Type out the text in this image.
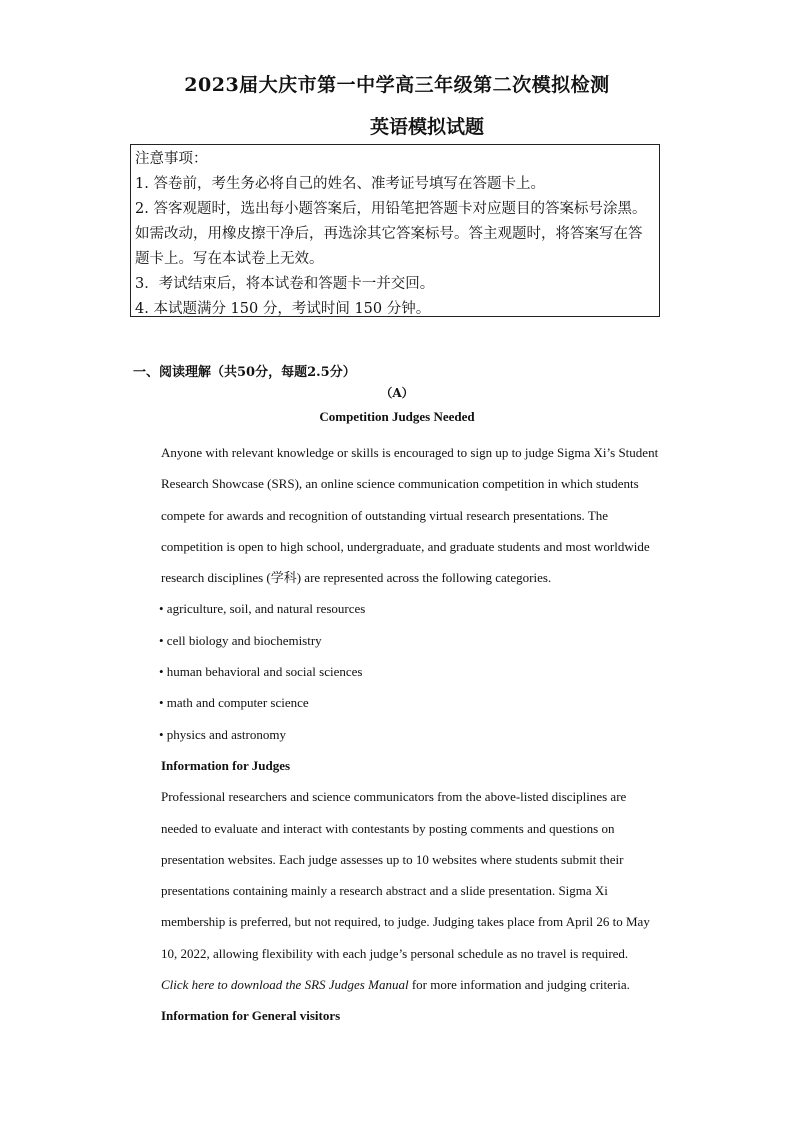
2023届大庆市第一中学高三年级第二次模拟检测
英语模拟试题

注意事项：

1. 答卷前，考生务必将自己的姓名、准考证号填写在答题卡上。

2. 答客观题时，选出每小题答案后，用铅笔把答题卡对应题目的答案标号涂黑。如需改动，用橡皮擦干净后，再选涂其它答案标号。答主观题时，将答案写在答题卡上。写在本试卷上无效。

3．考试结束后，将本试卷和答题卡一并交回。

4. 本试题满分 150 分，考试时间 150 分钟。

一、阅读理解（共50分，每题2.5分）
（A）
Competition Judges Needed

Anyone with relevant knowledge or skills is encouraged to sign up to judge Sigma Xi’s Student Research Showcase (SRS), an online science communication competition in which students compete for awards and recognition of outstanding virtual research presentations. The competition is open to high school, undergraduate, and graduate students and most worldwide research disciplines (学科) are represented across the following categories.

• agriculture, soil, and natural resources

• cell biology and biochemistry

• human behavioral and social sciences

• math and computer science

• physics and astronomy

Information for Judges

Professional researchers and science communicators from the above-listed disciplines are needed to evaluate and interact with contestants by posting comments and questions on presentation websites. Each judge assesses up to 10 websites where students submit their presentations containing mainly a research abstract and a slide presentation. Sigma Xi membership is preferred, but not required, to judge. Judging takes place from April 26 to May 10, 2022, allowing flexibility with each judge’s personal schedule as no travel is required.

Click here to download the SRS Judges Manual for more information and judging criteria.

Information for General visitors
